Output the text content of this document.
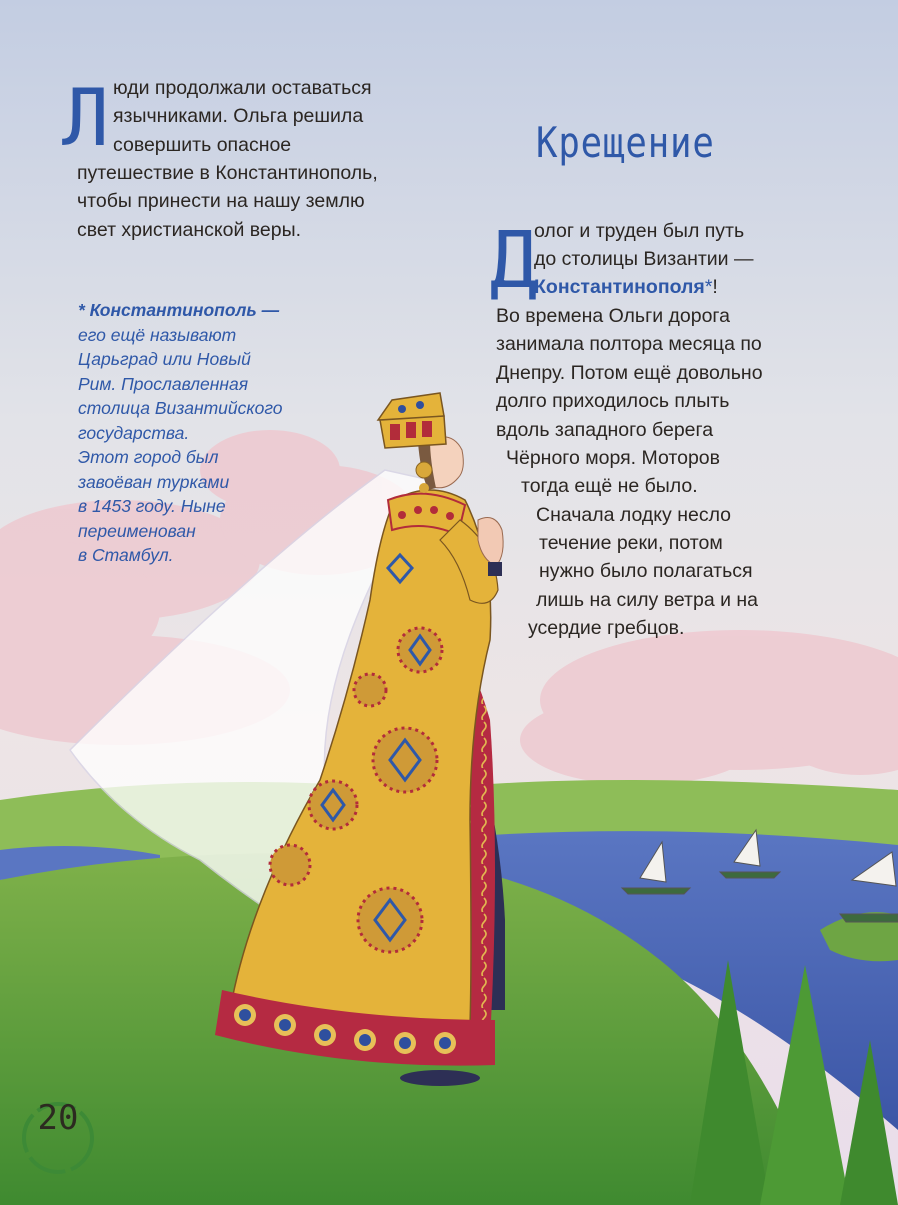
Л юди продолжали оставаться
язычниками. Ольга решила
совершить опасное
путешествие в Константинополь,
чтобы принести на нашу землю
свет христианской веры.
Крещение
Д
олог и труден был путь
до столицы Византии —
Константинополя*!
Во времена Ольги дорога
занимала полтора месяца по
Днепру. Потом ещё довольно
долго приходилось плыть
вдоль западного берега
Чёрного моря. Моторов
тогда ещё не было.
Сначала лодку несло
течение реки, потом
нужно было полагаться
лишь на силу ветра и на
усердие гребцов.
* Константинополь —
его ещё называют
Царьград или Новый
Рим. Прославленная
столица Византийского
государства.
Этот город был
завоёван турками
в 1453 году. Ныне
переименован
в Стамбул.
20
